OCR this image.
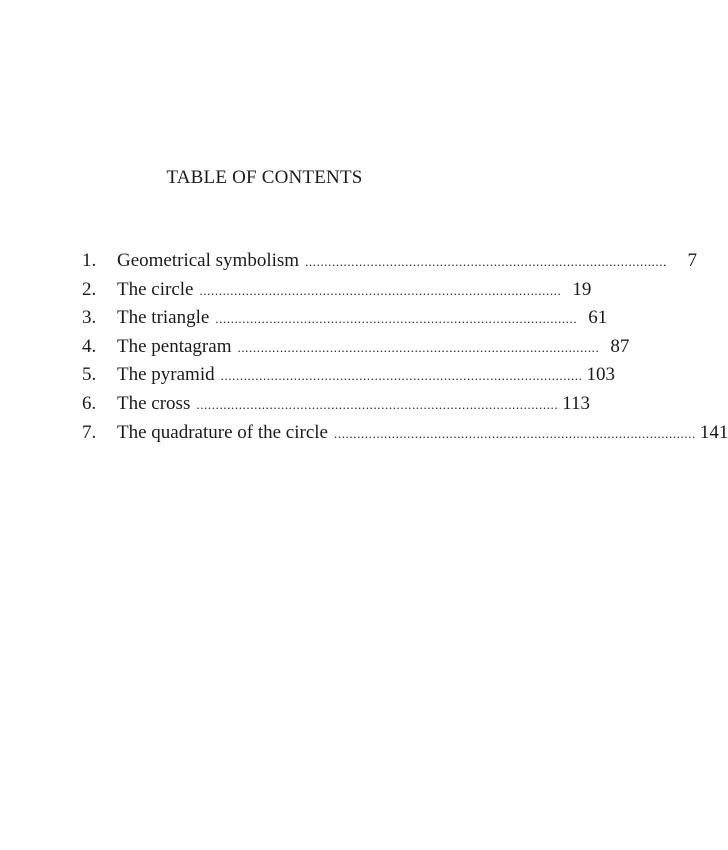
TABLE OF CONTENTS
1.	Geometrical symbolism ..............................................................................................	7
2.	The circle .............................................................................................. 19
3.	The triangle .............................................................................................. 61
4.	The pentagram .............................................................................................. 87
5.	The pyramid .............................................................................................. 103
6.	The cross .............................................................................................. 113
7.	The quadrature of the circle .............................................................................................. 141
